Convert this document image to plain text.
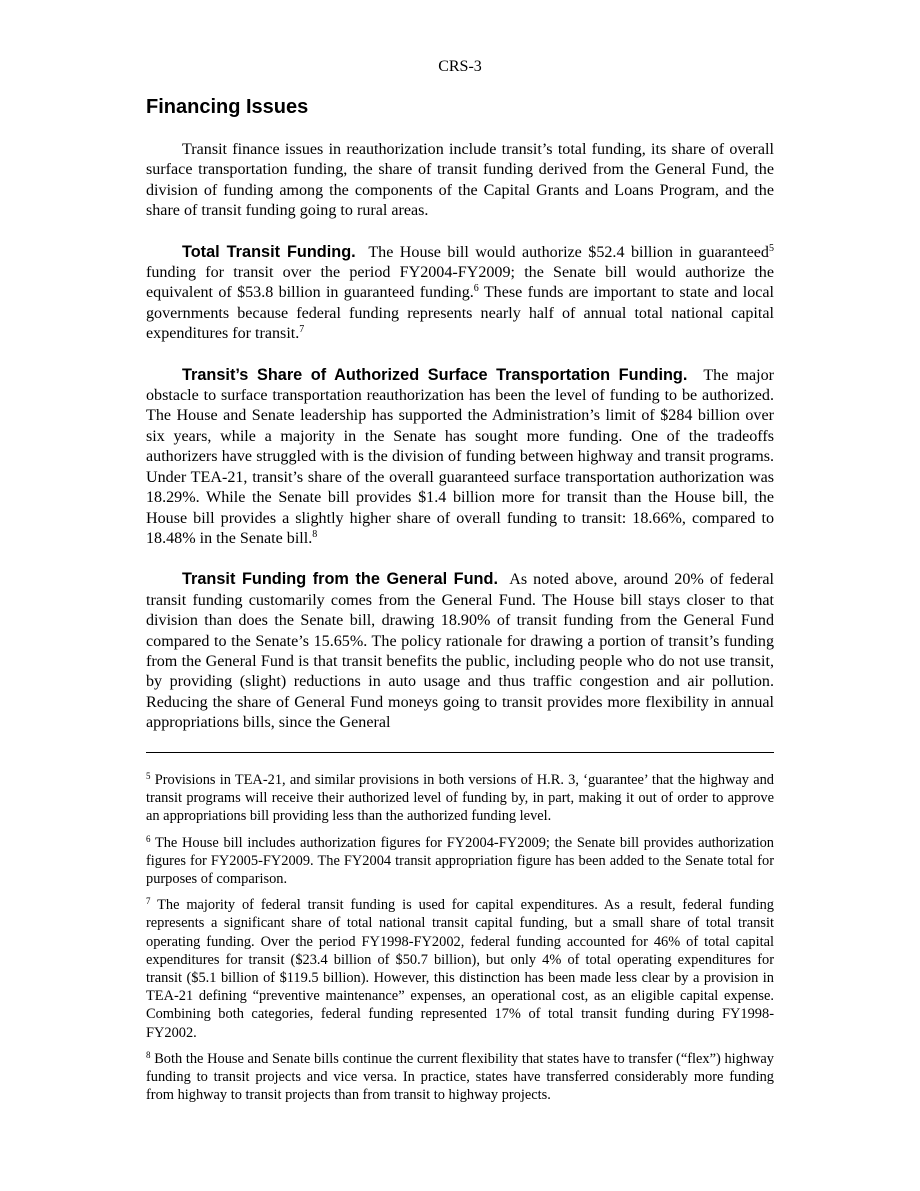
CRS-3
Financing Issues

Transit finance issues in reauthorization include transit’s total funding, its share of overall surface transportation funding, the share of transit funding derived from the General Fund, the division of funding among the components of the Capital Grants and Loans Program, and the share of transit funding going to rural areas.

Total Transit Funding. The House bill would authorize $52.4 billion in guaranteed$^5$ funding for transit over the period FY2004-FY2009; the Senate bill would authorize the equivalent of $53.8 billion in guaranteed funding.$^6$ These funds are important to state and local governments because federal funding represents nearly half of annual total national capital expenditures for transit.$^7$

Transit’s Share of Authorized Surface Transportation Funding. The major obstacle to surface transportation reauthorization has been the level of funding to be authorized. The House and Senate leadership has supported the Administration’s limit of $284 billion over six years, while a majority in the Senate has sought more funding. One of the tradeoffs authorizers have struggled with is the division of funding between highway and transit programs. Under TEA-21, transit’s share of the overall guaranteed surface transportation authorization was 18.29%. While the Senate bill provides $1.4 billion more for transit than the House bill, the House bill provides a slightly higher share of overall funding to transit: 18.66%, compared to 18.48% in the Senate bill.$^8$

Transit Funding from the General Fund. As noted above, around 20% of federal transit funding customarily comes from the General Fund. The House bill stays closer to that division than does the Senate bill, drawing 18.90% of transit funding from the General Fund compared to the Senate’s 15.65%. The policy rationale for drawing a portion of transit’s funding from the General Fund is that transit benefits the public, including people who do not use transit, by providing (slight) reductions in auto usage and thus traffic congestion and air pollution. Reducing the share of General Fund moneys going to transit provides more flexibility in annual appropriations bills, since the General

$^5$ Provisions in TEA-21, and similar provisions in both versions of H.R. 3, ‘guarantee’ that the highway and transit programs will receive their authorized level of funding by, in part, making it out of order to approve an appropriations bill providing less than the authorized funding level.

$^6$ The House bill includes authorization figures for FY2004-FY2009; the Senate bill provides authorization figures for FY2005-FY2009. The FY2004 transit appropriation figure has been added to the Senate total for purposes of comparison.

$^7$ The majority of federal transit funding is used for capital expenditures. As a result, federal funding represents a significant share of total national transit capital funding, but a small share of total transit operating funding. Over the period FY1998-FY2002, federal funding accounted for 46% of total capital expenditures for transit ($23.4 billion of $50.7 billion), but only 4% of total operating expenditures for transit ($5.1 billion of $119.5 billion). However, this distinction has been made less clear by a provision in TEA-21 defining “preventive maintenance” expenses, an operational cost, as an eligible capital expense. Combining both categories, federal funding represented 17% of total transit funding during FY1998-FY2002.

$^8$ Both the House and Senate bills continue the current flexibility that states have to transfer (“flex”) highway funding to transit projects and vice versa. In practice, states have transferred considerably more funding from highway to transit projects than from transit to highway projects.
